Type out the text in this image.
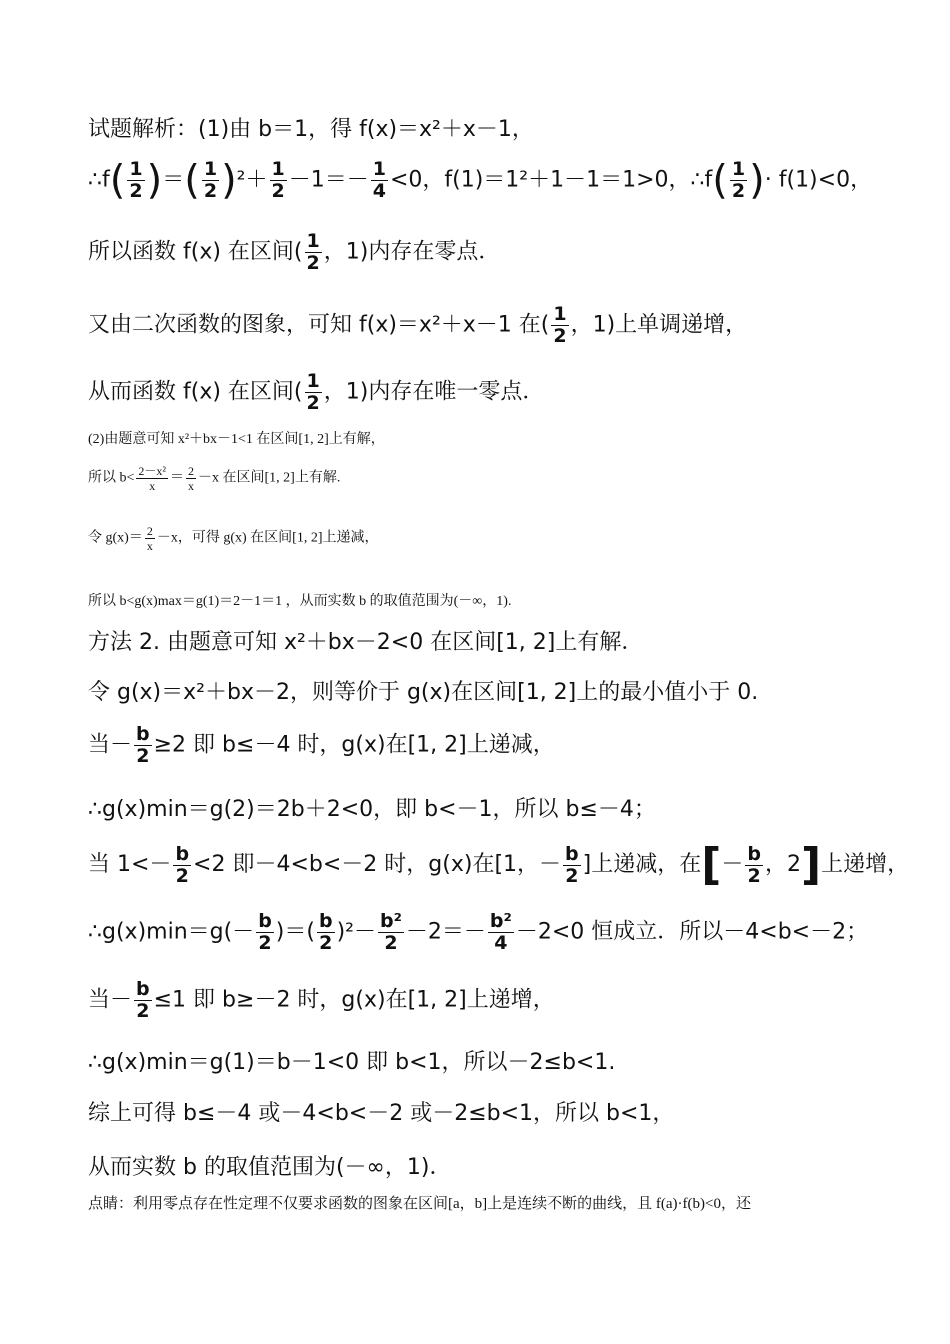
试题解析：(1)由 b＝1，得 f(x)＝x²＋x－1，
∴f( $\frac{1}{2}$ )＝( $\frac{1}{2} )^2+ \frac{1}{2} -1=- \frac{1}{4} <0$，f(1)＝1²＋1－1＝1>0，∴f( $\frac{1}{2}$ )· f(1)<0，
所以函数 f(x) 在区间( $\frac{1}{2}$ ，1)内存在零点．
又由二次函数的图象，可知 f(x)＝x²＋x－1 在( $\frac{1}{2}$ ，1)上单调递增，
从而函数 f(x) 在区间( $\frac{1}{2}$ ，1)内存在唯一零点．
(2)由题意可知 x²＋bx－1<1 在区间[1, 2]上有解，
所以 $b< \frac{\text{2－x²}}{x} = \frac{2}{x} -x$ 在区间[1, 2]上有解.
令 $g(x)= \frac{2}{x} -x$，可得 g(x) 在区间[1, 2]上递减，
所以 b<g(x)max＝g(1)＝2－1＝1 ，从而实数 b 的取值范围为(－∞，1).
方法 2. 由题意可知 x²＋bx－2<0 在区间[1, 2]上有解．
令 g(x)＝x²＋bx－2，则等价于 g(x)在区间[1, 2]上的最小值小于 0.
当－ $\frac{b}{2} \ge 2$ 即 b≤－4 时，g(x)在[1, 2]上递减，
∴g(x)min＝g(2)＝2b＋2<0，即 b<－1，所以 b≤－4；
当 $1<- \frac{b}{2} <2$ 即－4<b<－2 时，g(x)在[1，－ $\frac{b}{2}$ ]上递减，在[－ $\frac{b}{2}$ ，2]上递增，
∴g(x)min＝g(－ $\frac{b}{2}$ )＝( $\frac{b}{2} )^2- \frac{\text{b²}}{2} -2=- \frac{\text{b²}}{4} -2<0$ 恒成立．所以－4<b<－2；
当－ $\frac{b}{2} \le 1$ 即 b≥－2 时，g(x)在[1, 2]上递增，
∴g(x)min＝g(1)＝b－1<0 即 b<1，所以－2≤b<1.
综上可得 b≤－4 或－4<b<－2 或－2≤b<1，所以 b<1，
从而实数 b 的取值范围为(－∞，1)．
点睛：利用零点存在性定理不仅要求函数的图象在区间[a，b]上是连续不断的曲线，且 f(a)·f(b)<0，还
